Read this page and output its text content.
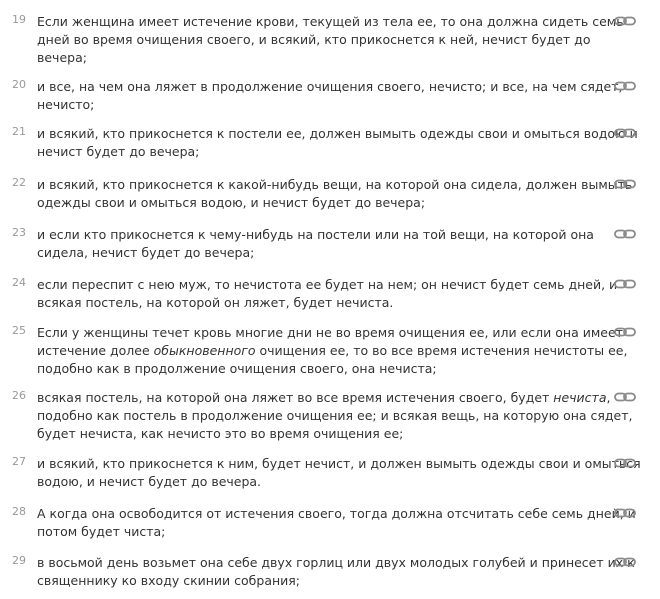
19 Если женщина имеет истечение крови, текущей из тела ее, то она должна сидеть семь
дней во время очищения своего, и всякий, кто прикоснется к ней, нечист будет до
вечера;
20 и все, на чем она ляжет в продолжение очищения своего, нечисто; и все, на чем сядет,
нечисто;
21 и всякий, кто прикоснется к постели ее, должен вымыть одежды свои и омыться водою и
нечист будет до вечера;
22 и всякий, кто прикоснется к какой-нибудь вещи, на которой она сидела, должен вымыть
одежды свои и омыться водою, и нечист будет до вечера;
23 и если кто прикоснется к чему-нибудь на постели или на той вещи, на которой она
сидела, нечист будет до вечера;
24 если переспит с нею муж, то нечистота ее будет на нем; он нечист будет семь дней, и
всякая постель, на которой он ляжет, будет нечиста.
25 Если у женщины течет кровь многие дни не во время очищения ее, или если она имеет
истечение долее обыкновенного очищения ее, то во все время истечения нечистоты ее,
подобно как в продолжение очищения своего, она нечиста;
26 всякая постель, на которой она ляжет во все время истечения своего, будет нечиста,
подобно как постель в продолжение очищения ее; и всякая вещь, на которую она сядет,
будет нечиста, как нечисто это во время очищения ее;
27 и всякий, кто прикоснется к ним, будет нечист, и должен вымыть одежды свои и омыться
водою, и нечист будет до вечера.
28 А когда она освободится от истечения своего, тогда должна отсчитать себе семь дней, и
потом будет чиста;
29 в восьмой день возьмет она себе двух горлиц или двух молодых голубей и принесет их к
священнику ко входу скинии собрания;
